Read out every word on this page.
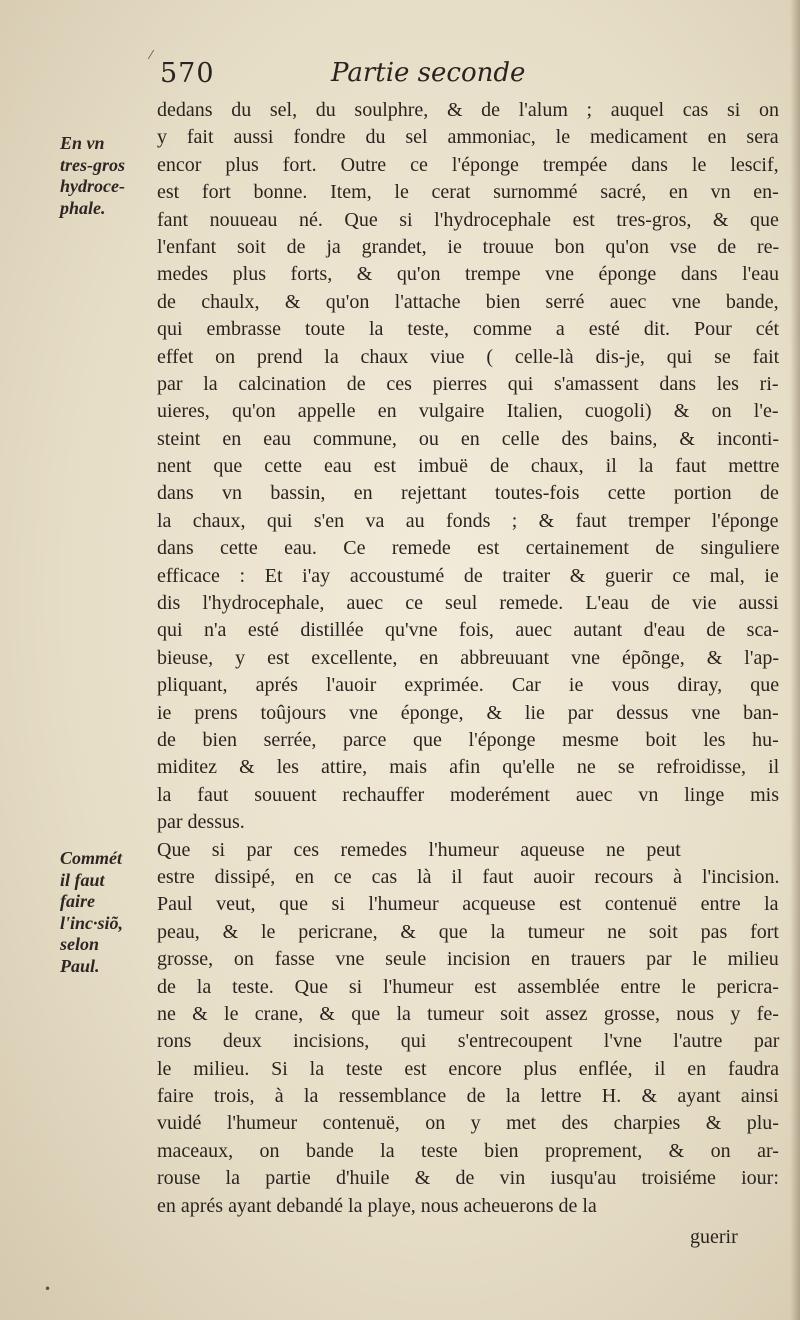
570	Partie seconde
En vn
tres-gros
hydroce-
phale.
Commét
il faut
faire
l'inc·siõ,
selon
Paul.
dedans du sel, du soulphre, & de l'alum ; auquel cas si on
y fait aussi fondre du sel ammoniac, le medicament en sera
encor plus fort. Outre ce l'éponge trempée dans le lescif,
est fort bonne. Item, le cerat surnommé sacré, en vn en-
fant nouueau né. Que si l'hydrocephale est tres-gros, & que
l'enfant soit de ja grandet, ie trouue bon qu'on vse de re-
medes plus forts, & qu'on trempe vne éponge dans l'eau
de chaulx, & qu'on l'attache bien serré auec vne bande,
qui embrasse toute la teste, comme a esté dit. Pour cét
effet on prend la chaux viue ( celle-là dis-je, qui se fait
par la calcination de ces pierres qui s'amassent dans les ri-
uieres, qu'on appelle en vulgaire Italien, cuogoli) & on l'e-
steint en eau commune, ou en celle des bains, & inconti-
nent que cette eau est imbuë de chaux, il la faut mettre
dans vn bassin, en rejettant toutes-fois cette portion de
la chaux, qui s'en va au fonds ; & faut tremper l'éponge
dans cette eau. Ce remede est certainement de singuliere
efficace : Et i'ay accoustumé de traiter & guerir ce mal, ie
dis l'hydrocephale, auec ce seul remede. L'eau de vie aussi
qui n'a esté distillée qu'vne fois, auec autant d'eau de sca-
bieuse, y est excellente, en abbreuuant vne épõnge, & l'ap-
pliquant, aprés l'auoir exprimée. Car ie vous diray, que
ie prens toûjours vne éponge, & lie par dessus vne ban-
de bien serrée, parce que l'éponge mesme boit les hu-
miditez & les attire, mais afin qu'elle ne se refroidisse, il
la faut souuent rechauffer moderément auec vn linge mis
par dessus.
Que si par ces remedes l'humeur aqueuse ne peut
estre dissipé, en ce cas là il faut auoir recours à l'incision.
Paul veut, que si l'humeur acqueuse est contenuë entre la
peau, & le pericrane, & que la tumeur ne soit pas fort
grosse, on fasse vne seule incision en trauers par le milieu
de la teste. Que si l'humeur est assemblée entre le pericra-
ne & le crane, & que la tumeur soit assez grosse, nous y fe-
rons deux incisions, qui s'entrecoupent l'vne l'autre par
le milieu. Si la teste est encore plus enflée, il en faudra
faire trois, à la ressemblance de la lettre H. & ayant ainsi
vuidé l'humeur contenuë, on y met des charpies & plu-
maceaux, on bande la teste bien proprement, & on ar-
rouse la partie d'huile & de vin iusqu'au troisiéme iour:
en aprés ayant debandé la playe, nous acheuerons de la
guerir
⁄
•
